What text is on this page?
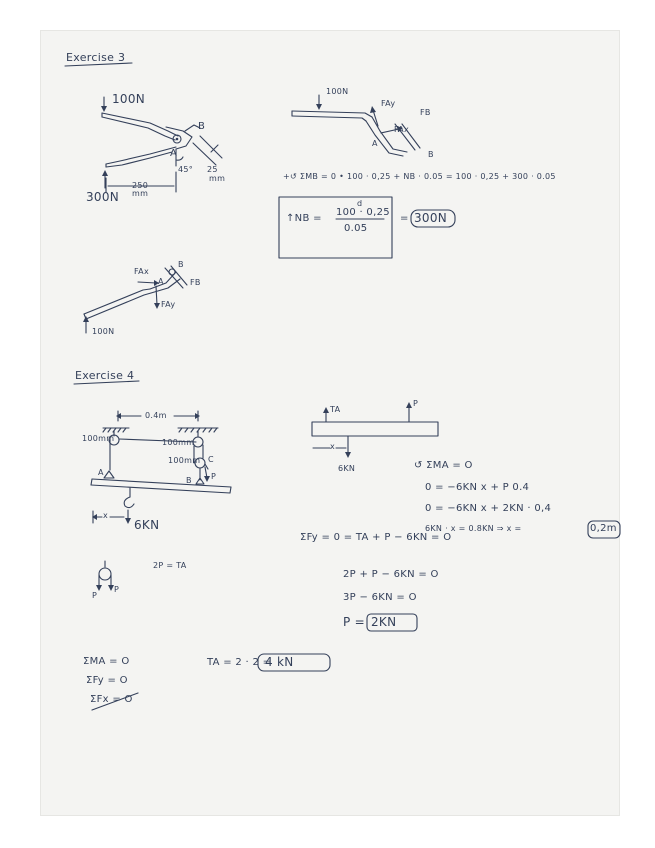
Exercise 3
100N
B
A
45° 25
mm
250
mm
300N
100N
FAy
FB
FAx
A
B
+↺ ΣMB = 0 • 100 · 0,25 + NB · 0.05 = 100 · 0,25 + 300 · 0.05
↑NB =
d
100 · 0,25
0.05
= 300N
FAx
B
A	FB
FAy
100N
Exercise 4
0.4m
100mm	100mm
100mm C
P
A
B
x
6KN
P
P
2P = TA
ΣMA = O
ΣFy = O
ΣFx = O
TA = 2 · 2 =
4 kN
TA
P
x
6KN	↺ ΣMA = O
0 = −6KN x + P 0.4
0 = −6KN x + 2KN · 0,4
6KN · x = 0.8KN ⇒ x =	0,2m
ΣFy = 0 = TA + P − 6KN = O
2P + P − 6KN = O
3P − 6KN = O
P = 2KN
